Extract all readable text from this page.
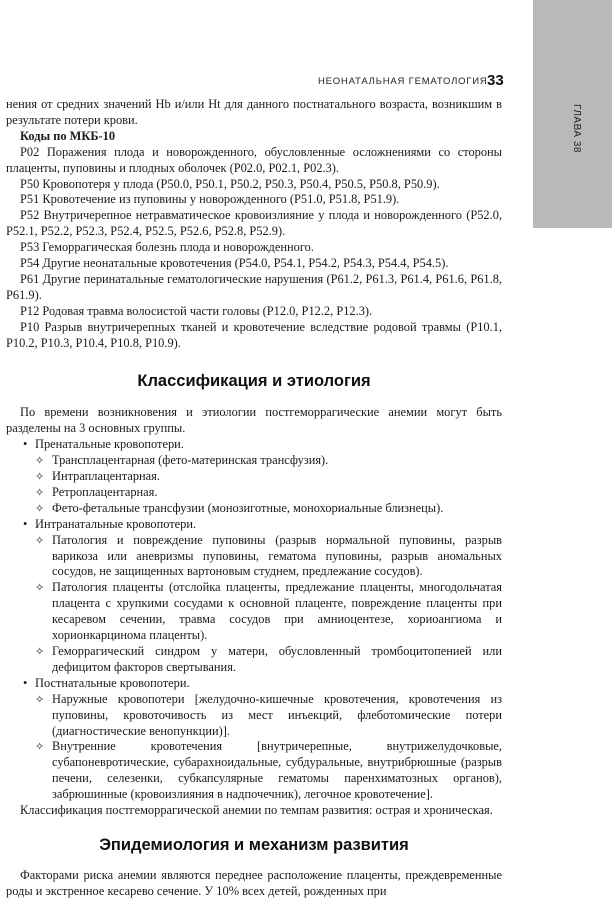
ГЛАВА 38
НЕОНАТАЛЬНАЯ ГЕМАТОЛОГИЯ 33

нения от средних значений Hb и/или Ht для данного постнатального возраста, возникшим в результате потери крови.

Коды по МКБ-10

P02 Поражения плода и новорожденного, обусловленные осложнениями со стороны плаценты, пуповины и плодных оболочек (P02.0, P02.1, P02.3).

P50 Кровопотеря у плода (P50.0, P50.1, P50.2, P50.3, P50.4, P50.5, P50.8, P50.9).

P51 Кровотечение из пуповины у новорожденного (P51.0, P51.8, P51.9).

P52 Внутричерепное нетравматическое кровоизлияние у плода и новорожденного (P52.0, P52.1, P52.2, P52.3, P52.4, P52.5, P52.6, P52.8, P52.9).

P53 Геморрагическая болезнь плода и новорожденного.

P54 Другие неонатальные кровотечения (P54.0, P54.1, P54.2, P54.3, P54.4, P54.5).

P61 Другие перинатальные гематологические нарушения (P61.2, P61.3, P61.4, P61.6, P61.8, P61.9).

P12 Родовая травма волосистой части головы (P12.0, P12.2, P12.3).

P10 Разрыв внутричерепных тканей и кровотечение вследствие родовой травмы (P10.1, P10.2, P10.3, P10.4, P10.8, P10.9).

Классификация и этиология

По времени возникновения и этиологии постгеморрагические анемии могут быть разделены на 3 основных группы.

• Пренатальные кровопотери.
✧ Трансплацентарная (фето-материнская трансфузия).
✧ Интраплацентарная.
✧ Ретроплацентарная.
✧ Фето-фетальные трансфузии (монозиготные, монохориальные близнецы).
• Интранатальные кровопотери.
✧ Патология и повреждение пуповины (разрыв нормальной пуповины, разрыв варикоза или аневризмы пуповины, гематома пуповины, разрыв аномальных сосудов, не защищенных вартоновым студнем, предлежание сосудов).
✧ Патология плаценты (отслойка плаценты, предлежание плаценты, многодольчатая плацента с хрупкими сосудами к основной плаценте, повреждение плаценты при кесаревом сечении, травма сосудов при амниоцентезе, хориоангиома и хорионкарцинома плаценты).
✧ Геморрагический синдром у матери, обусловленный тромбоцитопенией или дефицитом факторов свертывания.
• Постнатальные кровопотери.
✧ Наружные кровопотери [желудочно-кишечные кровотечения, кровотечения из пуповины, кровоточивость из мест инъекций, флеботомические потери (диагностические венопункции)].
✧ Внутренние кровотечения [внутричерепные, внутрижелудочковые, субапоневротические, субарахноидальные, субдуральные, внутрибрюшные (разрыв печени, селезенки, субкапсулярные гематомы паренхиматозных органов), забрюшинные (кровоизлияния в надпочечник), легочное кровотечение].

Классификация постгеморрагической анемии по темпам развития: острая и хроническая.

Эпидемиология и механизм развития

Факторами риска анемии являются переднее расположение плаценты, преждевременные роды и экстренное кесарево сечение. У 10% всех детей, рожденных при
